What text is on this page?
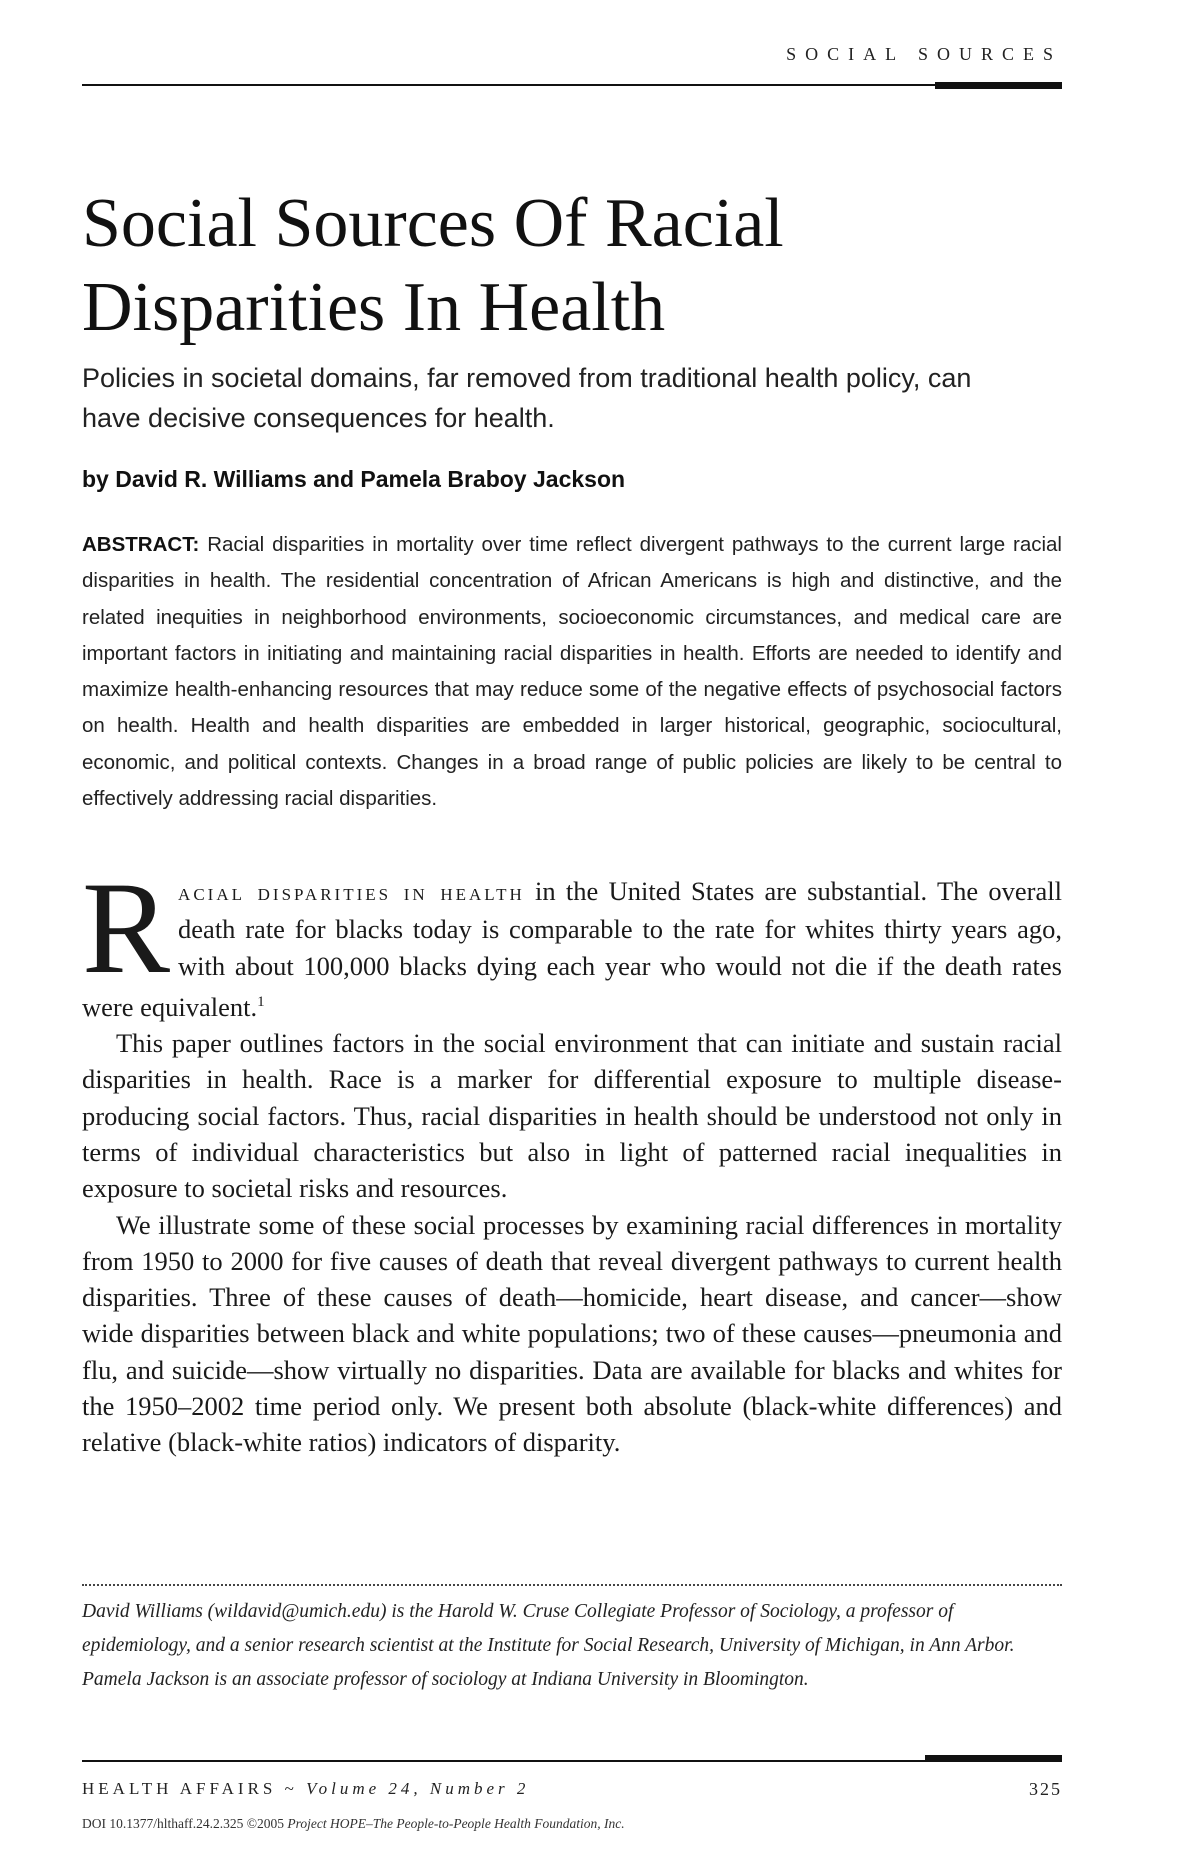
SOCIAL SOURCES
Social Sources Of Racial
Disparities In Health
Policies in societal domains, far removed from traditional health policy, can have decisive consequences for health.
by David R. Williams and Pamela Braboy Jackson
ABSTRACT: Racial disparities in mortality over time reflect divergent pathways to the current large racial disparities in health. The residential concentration of African Americans is high and distinctive, and the related inequities in neighborhood environments, socioeconomic circumstances, and medical care are important factors in initiating and maintaining racial disparities in health. Efforts are needed to identify and maximize health-enhancing resources that may reduce some of the negative effects of psychosocial factors on health. Health and health disparities are embedded in larger historical, geographic, sociocultural, economic, and political contexts. Changes in a broad range of public policies are likely to be central to effectively addressing racial disparities.

Racial disparities in health in the United States are substantial. The overall death rate for blacks today is comparable to the rate for whites thirty years ago, with about 100,000 blacks dying each year who would not die if the death rates were equivalent.$^1$

This paper outlines factors in the social environment that can initiate and sustain racial disparities in health. Race is a marker for differential exposure to multiple disease-producing social factors. Thus, racial disparities in health should be understood not only in terms of individual characteristics but also in light of patterned racial inequalities in exposure to societal risks and resources.

We illustrate some of these social processes by examining racial differences in mortality from 1950 to 2000 for five causes of death that reveal divergent pathways to current health disparities. Three of these causes of death—homicide, heart disease, and cancer—show wide disparities between black and white populations; two of these causes—pneumonia and flu, and suicide—show virtually no disparities. Data are available for blacks and whites for the 1950–2002 time period only. We present both absolute (black-white differences) and relative (black-white ratios) indicators of disparity.

David Williams (wildavid@umich.edu) is the Harold W. Cruse Collegiate Professor of Sociology, a professor of epidemiology, and a senior research scientist at the Institute for Social Research, University of Michigan, in Ann Arbor. Pamela Jackson is an associate professor of sociology at Indiana University in Bloomington.
HEALTH AFFAIRS ~ Volume 24, Number 2	325
DOI 10.1377/hlthaff.24.2.325 ©2005 Project HOPE–The People-to-People Health Foundation, Inc.
